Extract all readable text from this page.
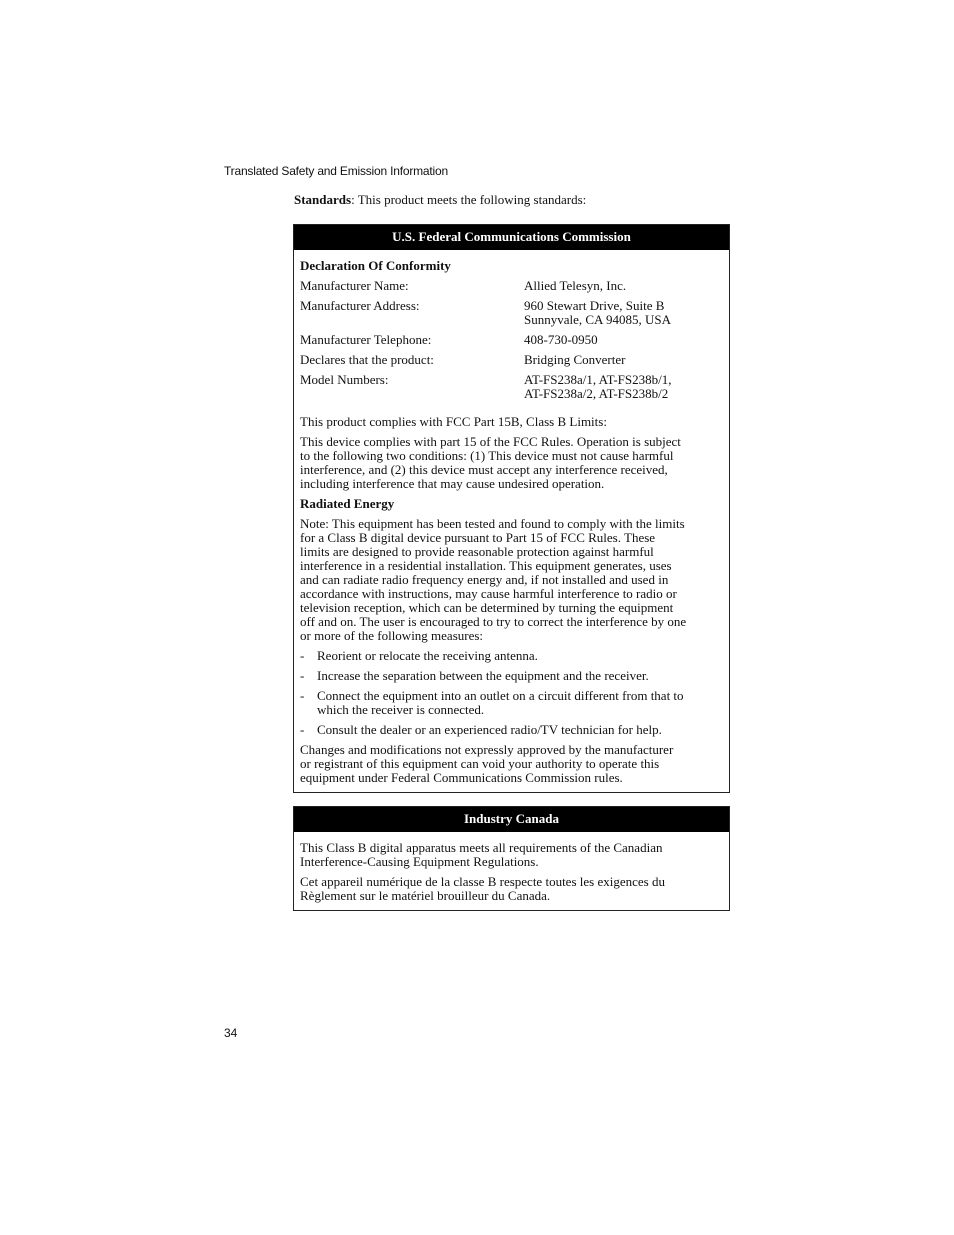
Translated Safety and Emission Information
Standards: This product meets the following standards:
U.S. Federal Communications Commission
Declaration Of Conformity
Manufacturer Name:	Allied Telesyn, Inc.
Manufacturer Address:	960 Stewart Drive, Suite B
Sunnyvale, CA 94085, USA
Manufacturer Telephone:	408-730-0950
Declares that the product:	Bridging Converter
Model Numbers:	AT-FS238a/1, AT-FS238b/1,
AT-FS238a/2, AT-FS238b/2
This product complies with FCC Part 15B, Class B Limits:
This device complies with part 15 of the FCC Rules. Operation is subject
to the following two conditions: (1) This device must not cause harmful
interference, and (2) this device must accept any interference received,
including interference that may cause undesired operation.
Radiated Energy
Note: This equipment has been tested and found to comply with the limits
for a Class B digital device pursuant to Part 15 of FCC Rules. These
limits are designed to provide reasonable protection against harmful
interference in a residential installation. This equipment generates, uses
and can radiate radio frequency energy and, if not installed and used in
accordance with instructions, may cause harmful interference to radio or
television reception, which can be determined by turning the equipment
off and on. The user is encouraged to try to correct the interference by one
or more of the following measures:
- Reorient or relocate the receiving antenna.
- Increase the separation between the equipment and the receiver.
- Connect the equipment into an outlet on a circuit different from that to
which the receiver is connected.
- Consult the dealer or an experienced radio/TV technician for help.
Changes and modifications not expressly approved by the manufacturer
or registrant of this equipment can void your authority to operate this
equipment under Federal Communications Commission rules.
Industry Canada
This Class B digital apparatus meets all requirements of the Canadian
Interference-Causing Equipment Regulations.
Cet appareil numérique de la classe B respecte toutes les exigences du
Règlement sur le matériel brouilleur du Canada.
34
